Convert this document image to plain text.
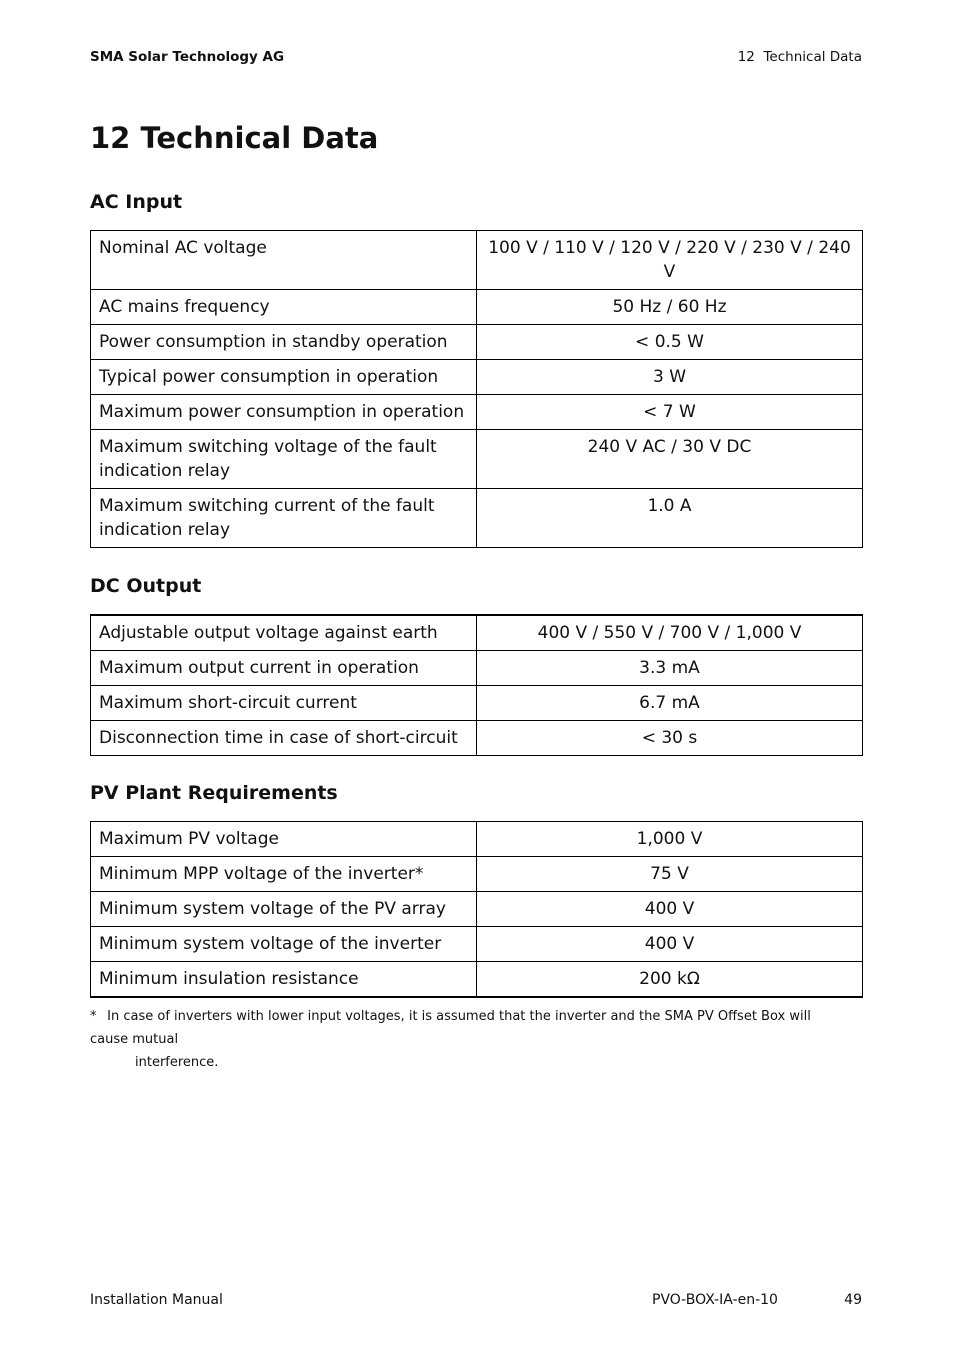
SMA Solar Technology AG	12  Technical Data
12 Technical Data
AC Input
Nominal AC voltage	100 V / 110 V / 120 V / 220 V / 230 V / 240 V
AC mains frequency	50 Hz / 60 Hz
Power consumption in standby operation	< 0.5 W
Typical power consumption in operation	3 W
Maximum power consumption in operation	< 7 W
Maximum switching voltage of the fault indication relay	240 V AC / 30 V DC
Maximum switching current of the fault indication relay	1.0 A
DC Output
Adjustable output voltage against earth	400 V / 550 V / 700 V / 1,000 V
Maximum output current in operation	3.3 mA
Maximum short-circuit current	6.7 mA
Disconnection time in case of short-circuit	< 30 s
PV Plant Requirements
Maximum PV voltage	1,000 V
Minimum MPP voltage of the inverter*	75 V
Minimum system voltage of the PV array	400 V
Minimum system voltage of the inverter	400 V
Minimum insulation resistance	200 kΩ
* In case of inverters with lower input voltages, it is assumed that the inverter and the SMA PV Offset Box will cause mutual
interference.
Installation Manual	PVO-BOX-IA-en-10	49
